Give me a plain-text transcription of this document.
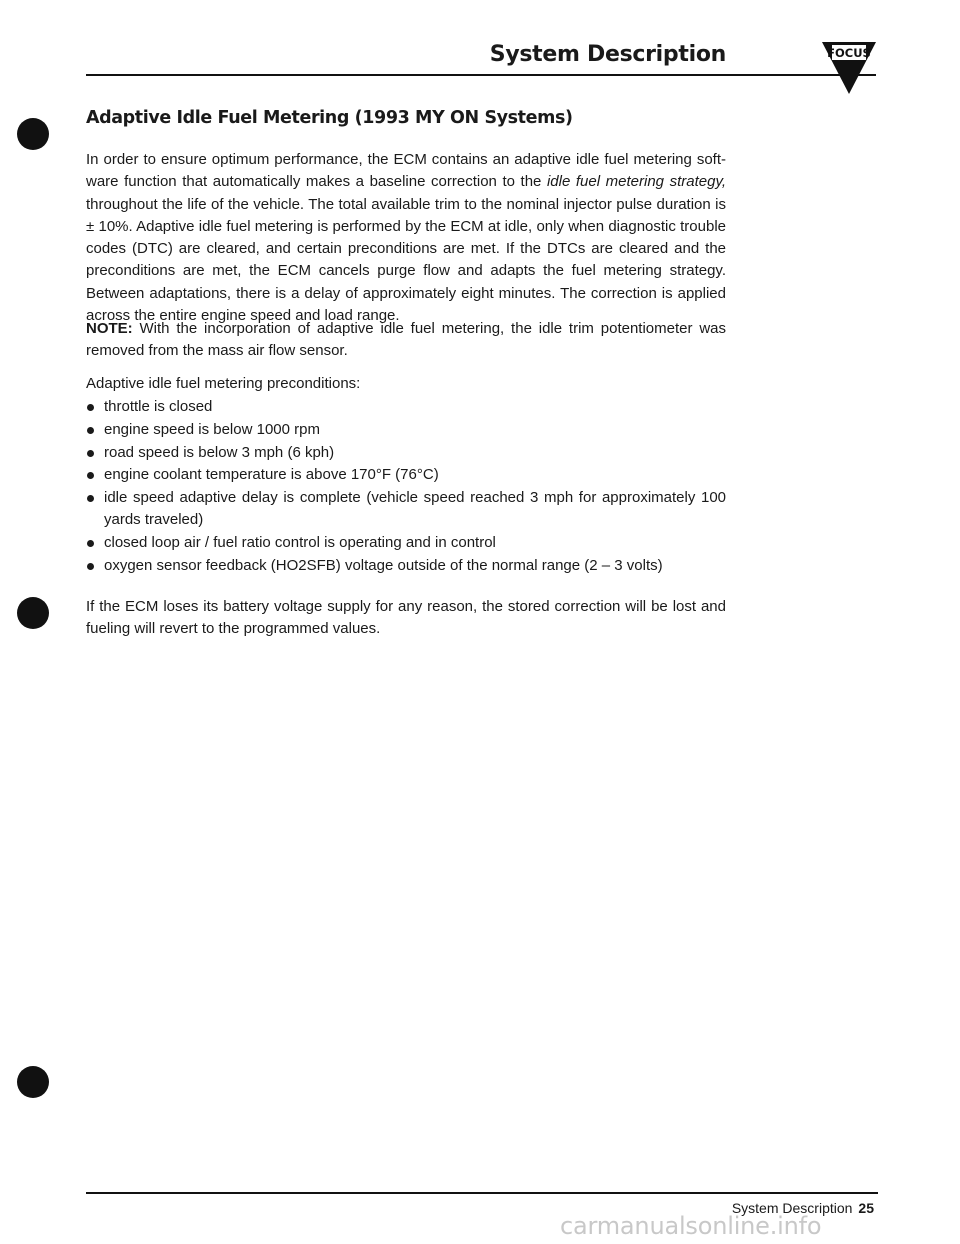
System Description	FOCUS
Adaptive Idle Fuel Metering (1993 MY ON Systems)

In order to ensure optimum performance, the ECM contains an adaptive idle fuel metering soft-ware function that automatically makes a baseline correction to the idle fuel metering strategy, throughout the life of the vehicle. The total available trim to the nominal injector pulse duration is ± 10%. Adaptive idle fuel metering is performed by the ECM at idle, only when diagnostic trouble codes (DTC) are cleared, and certain preconditions are met. If the DTCs are cleared and the preconditions are met, the ECM cancels purge flow and adapts the fuel metering strategy. Between adaptations, there is a delay of approximately eight minutes. The correction is applied across the entire engine speed and load range.

NOTE: With the incorporation of adaptive idle fuel metering, the idle trim potentiometer was removed from the mass air flow sensor.

Adaptive idle fuel metering preconditions:
throttle is closed
engine speed is below 1000 rpm
road speed is below 3 mph (6 kph)
engine coolant temperature is above 170°F (76°C)
idle speed adaptive delay is complete (vehicle speed reached 3 mph for approximately 100 yards traveled)
closed loop air / fuel ratio control is operating and in control
oxygen sensor feedback (HO2SFB) voltage outside of the normal range (2 – 3 volts)
If the ECM loses its battery voltage supply for any reason, the stored correction will be lost and fueling will revert to the programmed values.
System Description 25
carmanualsonline.info
